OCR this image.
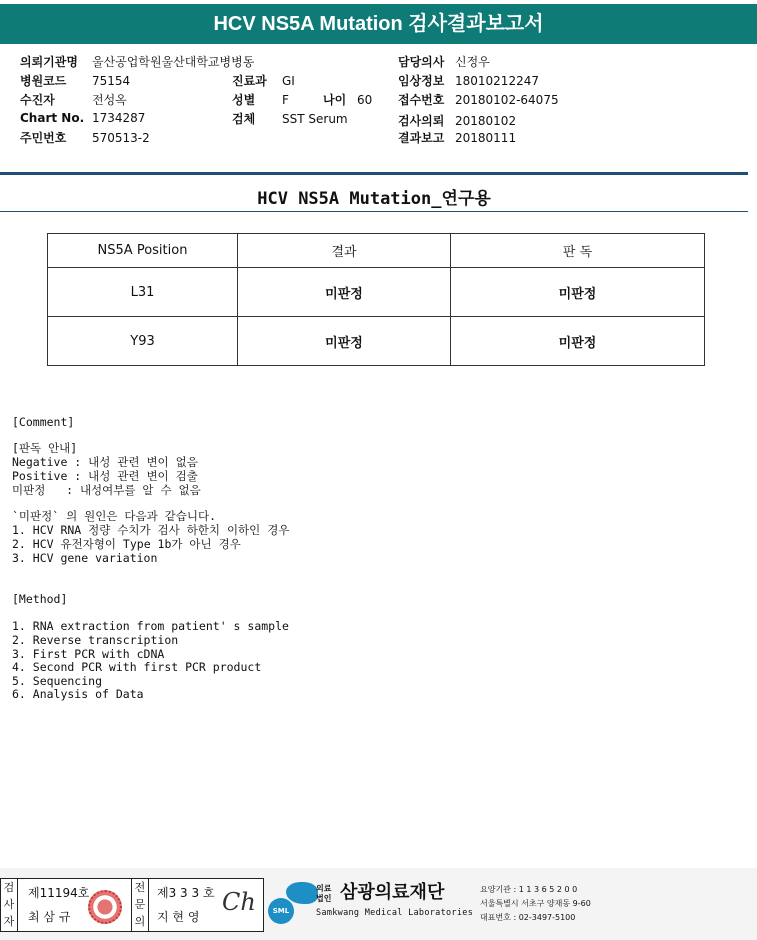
HCV NS5A Mutation 검사결과보고서
의뢰기관명 울산공업학원울산대학교병병동
병원코드 75154
수진자	전성옥
Chart No. 1734287
주민번호 570513-2
진료과 GI
성별 F	나이 60
검체 SST Serum
담당의사 신정우
임상정보 18010212247
접수번호 20180102-64075
검사의뢰 20180102
결과보고 20180111
HCV NS5A Mutation_연구용
NS5A Position	결과	판 독
L31	미판정	미판정
Y93	미판정	미판정
[Comment]
[판독 안내]
Negative : 내성 관련 변이 없음
Positive : 내성 관련 변이 검출
미판정   : 내성여부를 알 수 없음
`미판정` 의 원인은 다음과 같습니다.
1. HCV RNA 정량 수치가 검사 하한치 이하인 경우
2. HCV 유전자형이 Type 1b가 아닌 경우
3. HCV gene variation
[Method]
1. RNA extraction from patient' s sample
2. Reverse transcription
3. First PCR with cDNA
4. Second PCR with first PCR product
5. Sequencing
6. Analysis of Data
검사자
전문의
제11194호
최 삼 규
제3 3 3 호
지 현 영
Ch	SML
의료법인 삼광의료재단
Samkwang Medical Laboratories
요양기관 : 1 1 3 6 5 2 0 0
서울특별시 서초구 양재동 9-60
대표번호 : 02-3497-5100
